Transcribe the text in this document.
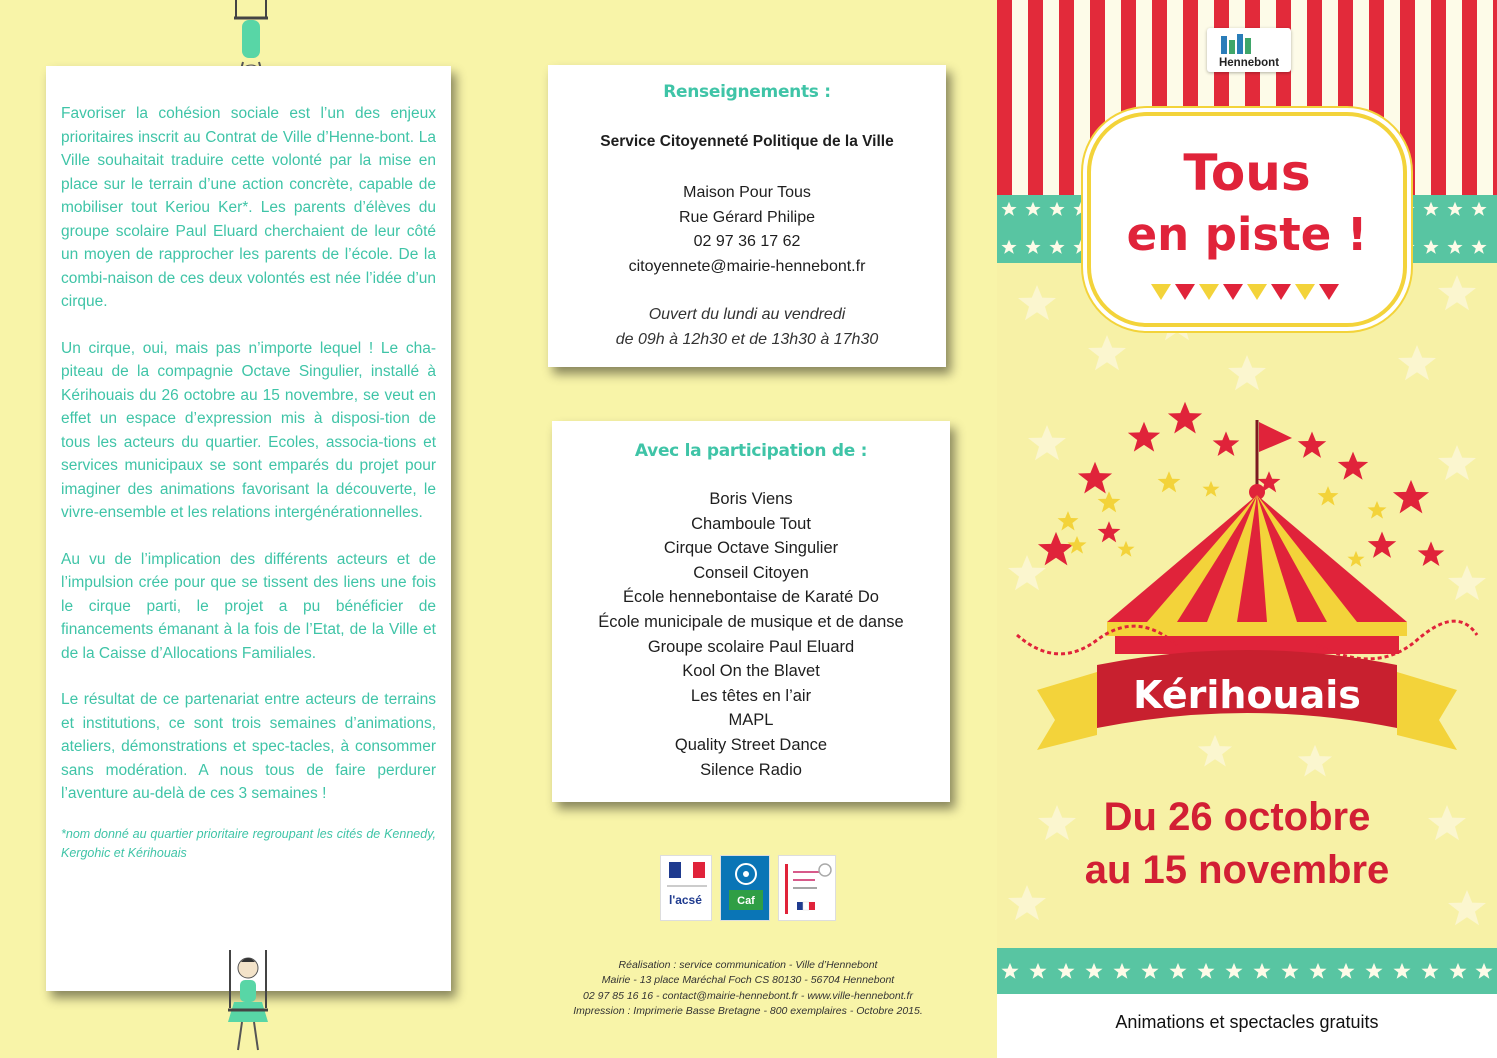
Favoriser la cohésion sociale est l’un des enjeux prioritaires inscrit au Contrat de Ville d’Henne-bont. La Ville souhaitait traduire cette volonté par la mise en place sur le terrain d’une action concrète, capable de mobiliser tout Keriou Ker*. Les parents d’élèves du groupe scolaire Paul Eluard cherchaient de leur côté un moyen de rapprocher les parents de l’école. De la combi-naison de ces deux volontés est née l’idée d’un cirque.

Un cirque, oui, mais pas n’importe lequel ! Le cha-piteau de la compagnie Octave Singulier, installé à Kérihouais du 26 octobre au 15 novembre, se veut en effet un espace d’expression mis à disposi-tion de tous les acteurs du quartier. Ecoles, associa-tions et services municipaux se sont emparés du projet pour imaginer des animations favorisant la découverte, le vivre-ensemble et les relations intergénérationnelles.

Au vu de l’implication des différents acteurs et de l’impulsion crée pour que se tissent des liens une fois le cirque parti, le projet a pu bénéficier de financements émanant à la fois de l’Etat, de la Ville et de la Caisse d’Allocations Familiales.

Le résultat de ce partenariat entre acteurs de terrains et institutions, ce sont trois semaines d’animations, ateliers, démonstrations et spec-tacles, à consommer sans modération. A nous tous de faire perdurer l’aventure au-delà de ces 3 semaines !

*nom donné au quartier prioritaire regroupant les cités de Kennedy, Kergohic et Kérihouais

Renseignements :
Service Citoyenneté Politique de la Ville
Maison Pour Tous
Rue Gérard Philipe
02 97 36 17 62
citoyennete@mairie-hennebont.fr
Ouvert du lundi au vendredi
de 09h à 12h30 et de 13h30 à 17h30
Avec la participation de :
Boris Viens
Chamboule Tout
Cirque Octave Singulier
Conseil Citoyen
École hennebontaise de Karaté Do
École municipale de musique et de danse
Groupe scolaire Paul Eluard
Kool On the Blavet
Les têtes en l’air
MAPL
Quality Street Dance
Silence Radio
l'acsé	Caf
Réalisation : service communication - Ville d’Hennebont
Mairie - 13 place Maréchal Foch CS 80130 - 56704 Hennebont
02 97 85 16 16 - contact@mairie-hennebont.fr - www.ville-hennebont.fr
Impression : Imprimerie Basse Bretagne - 800 exemplaires - Octobre 2015.
Kérihouais
Hennebont
Tous
en piste !
Du 26 octobre
au 15 novembre
Animations et spectacles gratuits
